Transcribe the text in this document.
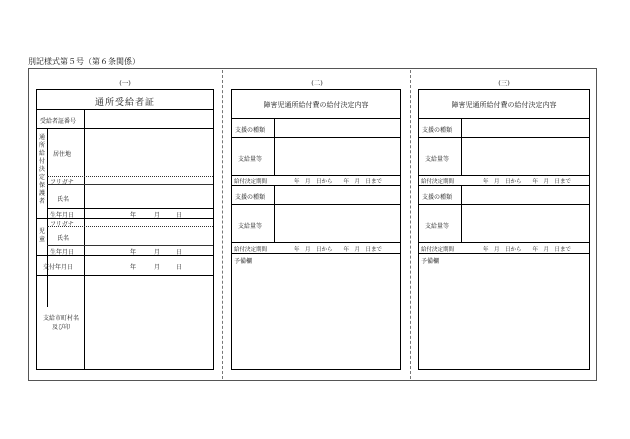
別記様式第５号（第６条関係）
(一)	(二)	(三)
通所受給者証
受給者証番号
通所給付決定保護者
居住地
フリガナ
氏名
生年月日	年	月	日
児童
フリガナ
氏名
生年月日	年	月	日
交付年月日	年	月	日
支給市町村名及び印
障害児通所給付費の給付決定内容
支援の種類
支給量等
給付決定期間	年　月　日から　　年　月　日まで
支援の種類
支給量等
給付決定期間	年　月　日から　　年　月　日まで
予備欄
障害児通所給付費の給付決定内容
支援の種類
支給量等
給付決定期間	年　月　日から　　年　月　日まで
支援の種類
支給量等
給付決定期間	年　月　日から　　年　月　日まで
予備欄
